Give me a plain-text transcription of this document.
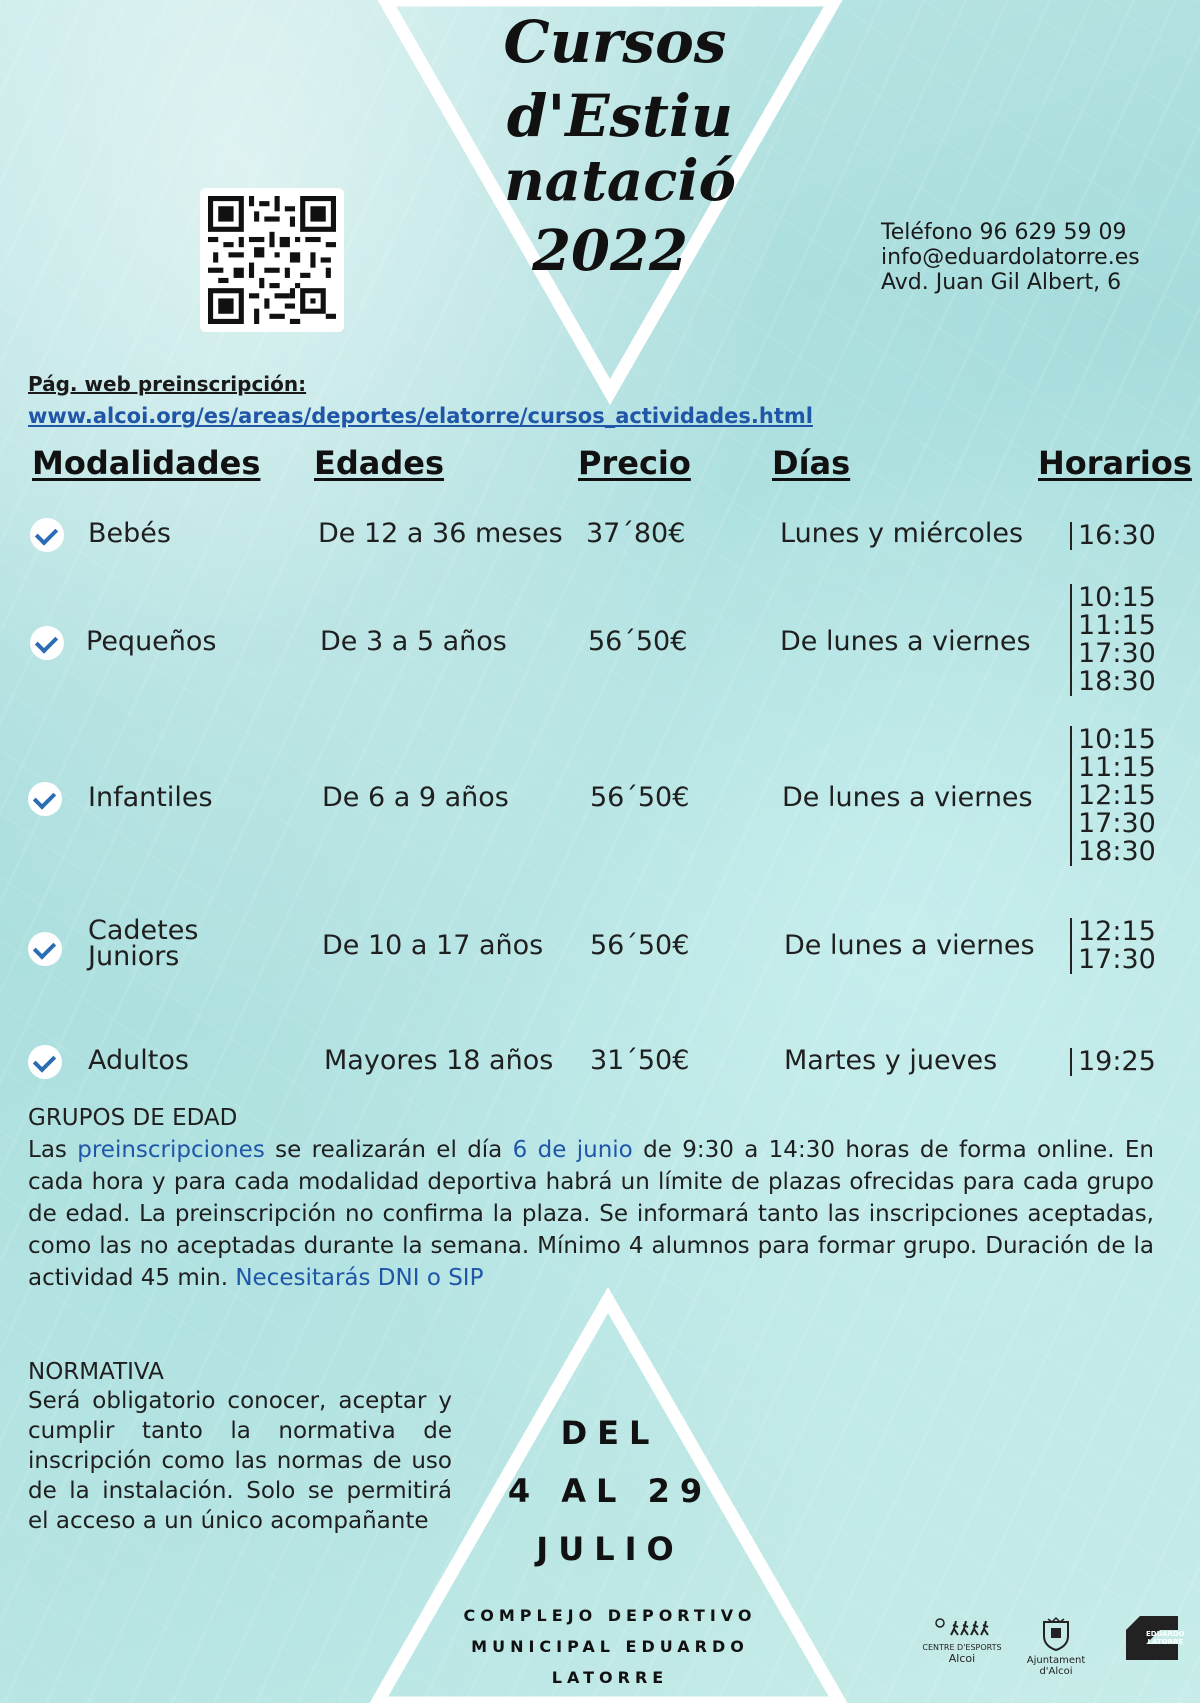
Cursos
d'Estiu
natació
2022	Teléfono 96 629 59 09
info@eduardolatorre.es
Avd. Juan Gil Albert, 6
Pág. web preinscripción:
www.alcoi.org/es/areas/deportes/elatorre/cursos_actividades.html
Modalidades Edades	Precio	Días	Horarios
Bebés	De 12 a 36 meses 37´80€	Lunes y miércoles 16:30
Pequeños	De 3 a 5 años	56´50€	De lunes a viernes
10:15
11:15
17:30
18:30
Infantiles	De 6 a 9 años	56´50€	De lunes a viernes
10:15
11:15
12:15
17:30
18:30
Cadetes
Juniors	De 10 a 17 años 56´50€	De lunes a viernes 12:15
17:30
Adultos	Mayores 18 años 31´50€	Martes y jueves	19:25
GRUPOS DE EDAD
Las preinscripciones se realizarán el día 6 de junio de 9:30 a 14:30 horas de forma online. En cada hora y para cada modalidad deportiva habrá un límite de plazas ofrecidas para cada grupo de edad. La preinscripción no confirma la plaza. Se informará tanto las inscripciones aceptadas, como las no aceptadas durante la semana. Mínimo 4 alumnos para formar grupo. Duración de la actividad 45 min. Necesitarás DNI o SIP
NORMATIVA
Será obligatorio conocer, aceptar y cumplir tanto la normativa de inscripción como las normas de uso de la instalación. Solo se permitirá el acceso a un único acompañante
DEL
4 AL 29
JULIO
COMPLEJO DEPORTIVO
MUNICIPAL EDUARDO
LATORRE
CENTRE D'ESPORTS
Alcoi	Ajuntament d'Alcoi
EDUARDO
LATORRE
